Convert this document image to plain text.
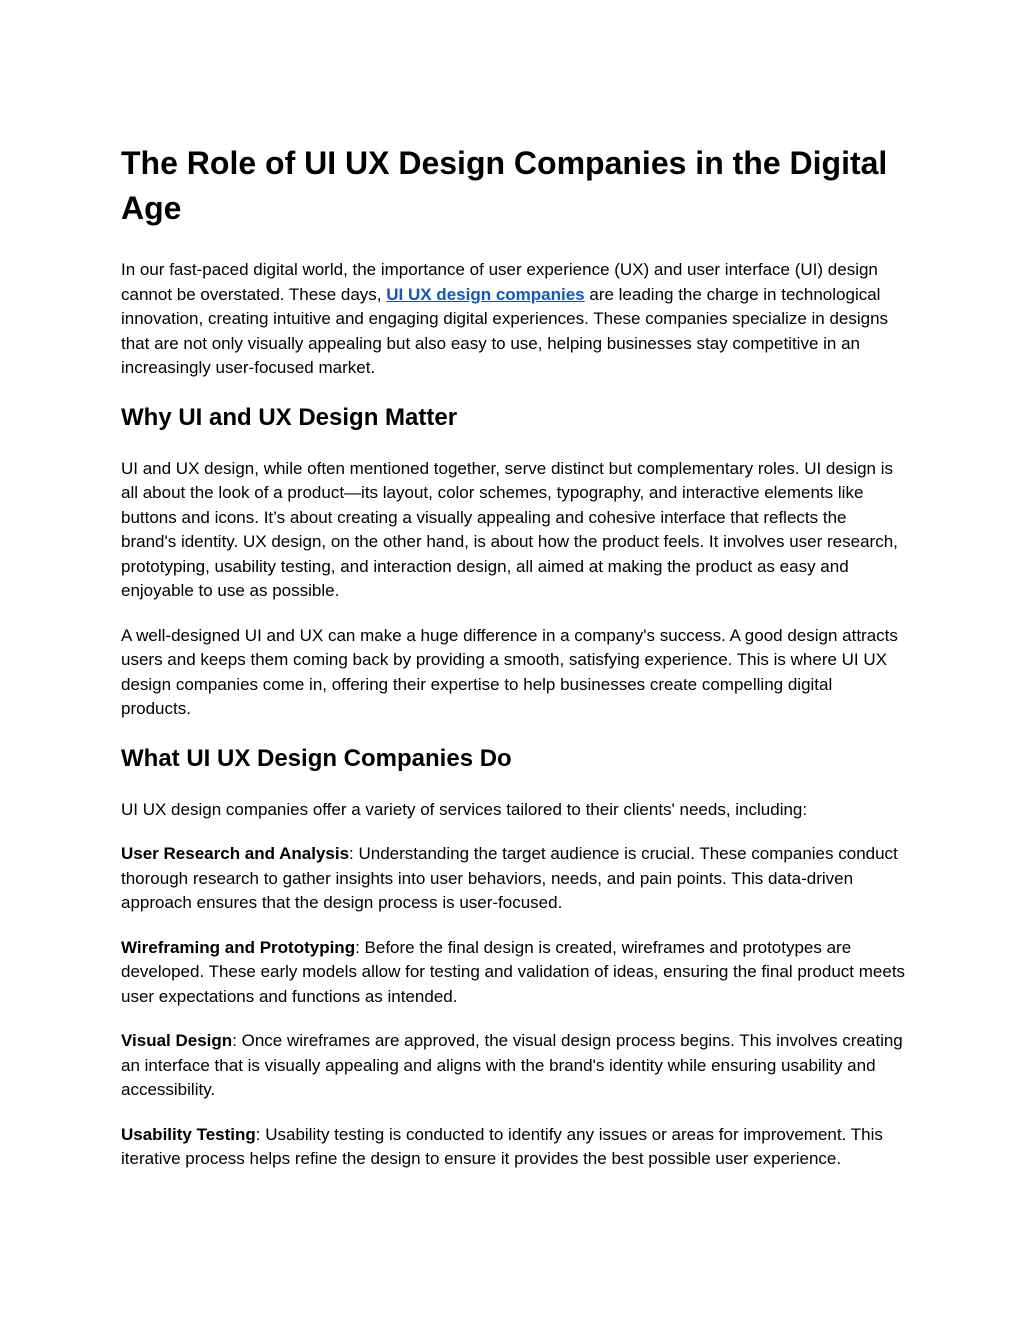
The Role of UI UX Design Companies in the Digital Age

In our fast-paced digital world, the importance of user experience (UX) and user interface (UI) design cannot be overstated. These days, UI UX design companies are leading the charge in technological innovation, creating intuitive and engaging digital experiences. These companies specialize in designs that are not only visually appealing but also easy to use, helping businesses stay competitive in an increasingly user-focused market.

Why UI and UX Design Matter

UI and UX design, while often mentioned together, serve distinct but complementary roles. UI design is all about the look of a product—its layout, color schemes, typography, and interactive elements like buttons and icons. It’s about creating a visually appealing and cohesive interface that reflects the brand's identity. UX design, on the other hand, is about how the product feels. It involves user research, prototyping, usability testing, and interaction design, all aimed at making the product as easy and enjoyable to use as possible.

A well-designed UI and UX can make a huge difference in a company's success. A good design attracts users and keeps them coming back by providing a smooth, satisfying experience. This is where UI UX design companies come in, offering their expertise to help businesses create compelling digital products.

What UI UX Design Companies Do

UI UX design companies offer a variety of services tailored to their clients' needs, including:

User Research and Analysis: Understanding the target audience is crucial. These companies conduct thorough research to gather insights into user behaviors, needs, and pain points. This data-driven approach ensures that the design process is user-focused.

Wireframing and Prototyping: Before the final design is created, wireframes and prototypes are developed. These early models allow for testing and validation of ideas, ensuring the final product meets user expectations and functions as intended.

Visual Design: Once wireframes are approved, the visual design process begins. This involves creating an interface that is visually appealing and aligns with the brand's identity while ensuring usability and accessibility.

Usability Testing: Usability testing is conducted to identify any issues or areas for improvement. This iterative process helps refine the design to ensure it provides the best possible user experience.
